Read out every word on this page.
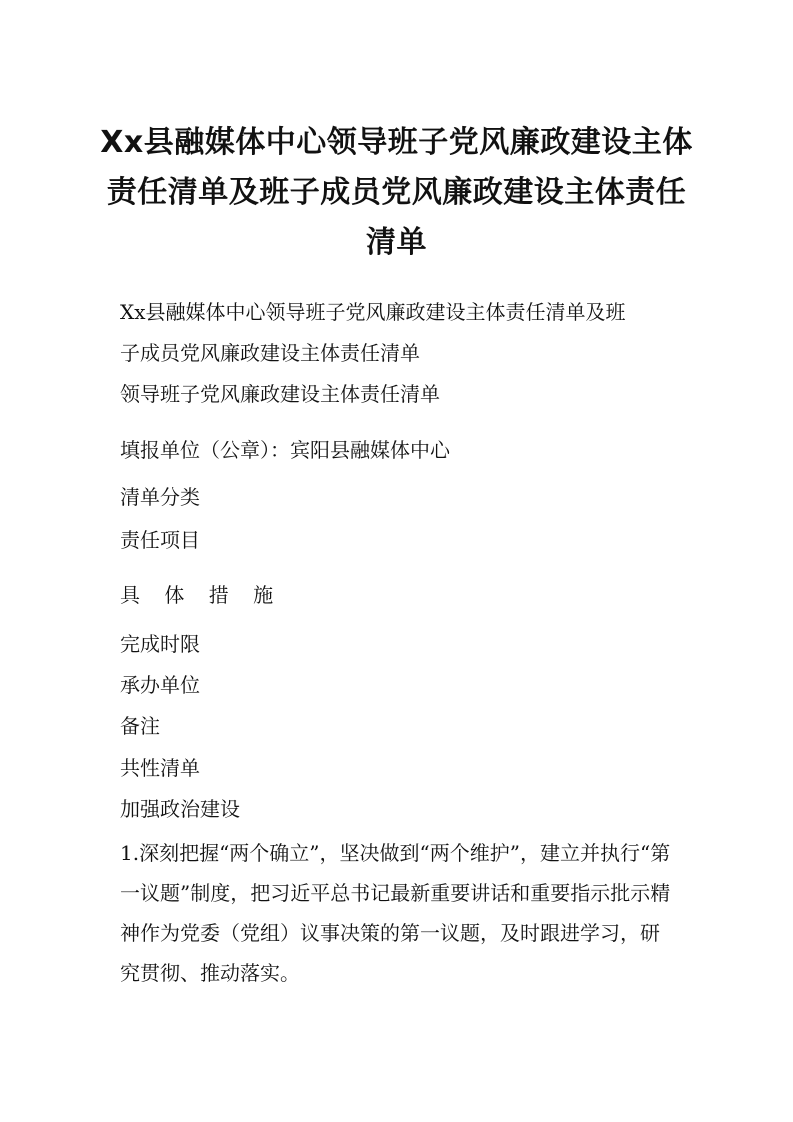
Xx县融媒体中心领导班子党风廉政建设主体责任清单及班子成员党风廉政建设主体责任清单
Xx县融媒体中心领导班子党风廉政建设主体责任清单及班
子成员党风廉政建设主体责任清单
领导班子党风廉政建设主体责任清单
填报单位（公章）：宾阳县融媒体中心
清单分类
责任项目
具 体 措 施
完成时限
承办单位
备注
共性清单
加强政治建设
1.深刻把握“两个确立”，坚决做到“两个维护”，建立并执行“第一议题”制度，把习近平总书记最新重要讲话和重要指示批示精神作为党委（党组）议事决策的第一议题，及时跟进学习，研究贯彻、推动落实。
